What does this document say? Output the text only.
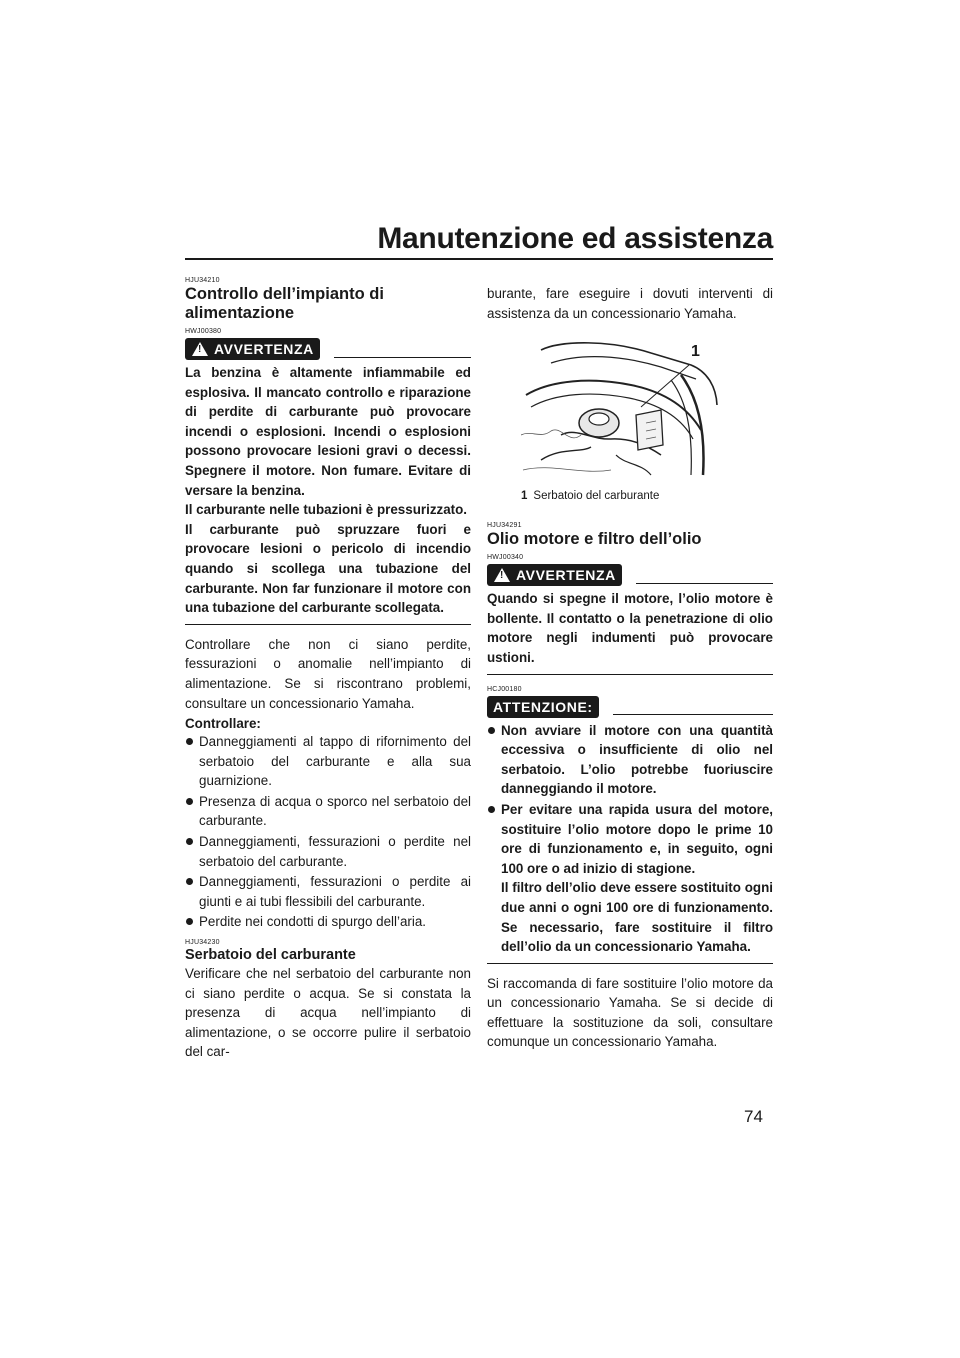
Manutenzione ed assistenza
HJU34210
Controllo dell’impianto di alimentazione
HWJ00380
!
AVVERTENZA

La benzina è altamente infiammabile ed esplosiva. Il mancato controllo e riparazione di perdite di carburante può provocare incendi o esplosioni. Incendi o esplosioni possono provocare lesioni gravi o decessi. Spegnere il motore. Non fumare. Evitare di versare la benzina.

Il carburante nelle tubazioni è pressurizzato.

Il carburante può spruzzare fuori e provocare lesioni o pericolo di incendio quando si scollega una tubazione del carburante. Non far funzionare il motore con una tubazione del carburante scollegata.

Controllare che non ci siano perdite, fessurazioni o anomalie nell’impianto di alimentazione. Se si riscontrano problemi, consultare un concessionario Yamaha.

Controllare:
Danneggiamenti al tappo di rifornimento del serbatoio del carburante e alla sua guarnizione.
Presenza di acqua o sporco nel serbatoio del carburante.
Danneggiamenti, fessurazioni o perdite nel serbatoio del carburante.
Danneggiamenti, fessurazioni o perdite ai giunti e ai tubi flessibili del carburante.
Perdite nei condotti di spurgo dell’aria.
HJU34230
Serbatoio del carburante

Verificare che nel serbatoio del carburante non ci siano perdite o acqua. Se si constata la presenza di acqua nell’impianto di alimentazione, o se occorre pulire il serbatoio del car-

burante, fare eseguire i dovuti interventi di assistenza da un concessionario Yamaha.

1
1 Serbatoio del carburante
HJU34291
Olio motore e filtro dell’olio
HWJ00340
!
AVVERTENZA

Quando si spegne il motore, l’olio motore è bollente. Il contatto o la penetrazione di olio motore negli indumenti può provocare ustioni.

HCJ00180
ATTENZIONE:
Non avviare il motore con una quantità eccessiva o insufficiente di olio nel serbatoio. L’olio potrebbe fuoriuscire danneggiando il motore.
Per evitare una rapida usura del motore, sostituire l’olio motore dopo le prime 10 ore di funzionamento e, in seguito, ogni 100 ore o ad inizio di stagione.
Il filtro dell’olio deve essere sostituito ogni due anni o ogni 100 ore di funzionamento. Se necessario, fare sostituire il filtro dell’olio da un concessionario Yamaha.

Si raccomanda di fare sostituire l’olio motore da un concessionario Yamaha. Se si decide di effettuare la sostituzione da soli, consultare comunque un concessionario Yamaha.

74
